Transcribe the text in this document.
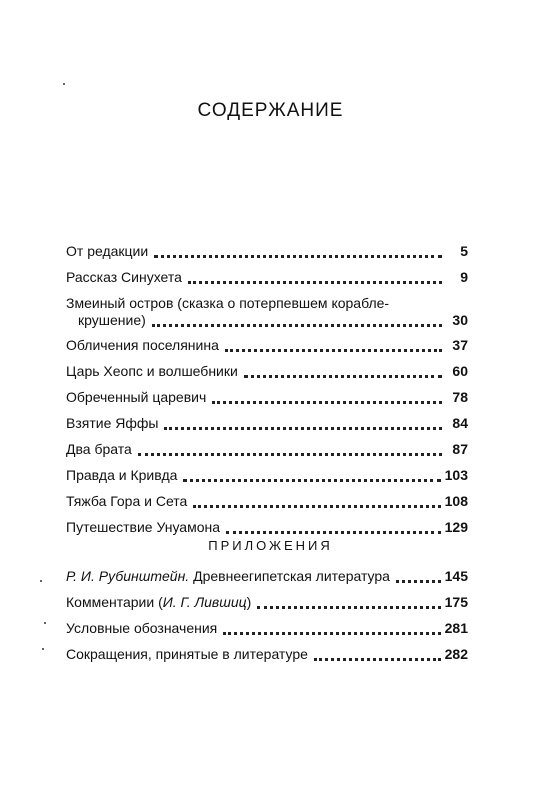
СОДЕРЖАНИЕ
От редакции	5
Рассказ Синухета	9
Змеиный остров (сказка о потерпевшем корабле-
крушение)	30
Обличения поселянина	37
Царь Хеопс и волшебники	60
Обреченный царевич	78
Взятие Яффы	84
Два брата	87
Правда и Кривда	103
Тяжба Гора и Сета	108
Путешествие Унуамона	129
ПРИЛОЖЕНИЯ
Р. И. Рубинштейн. Древнеегипетская литература	145
Комментарии (И. Г. Лившиц)	175
Условные обозначения	281
Сокращения, принятые в литературе	282
